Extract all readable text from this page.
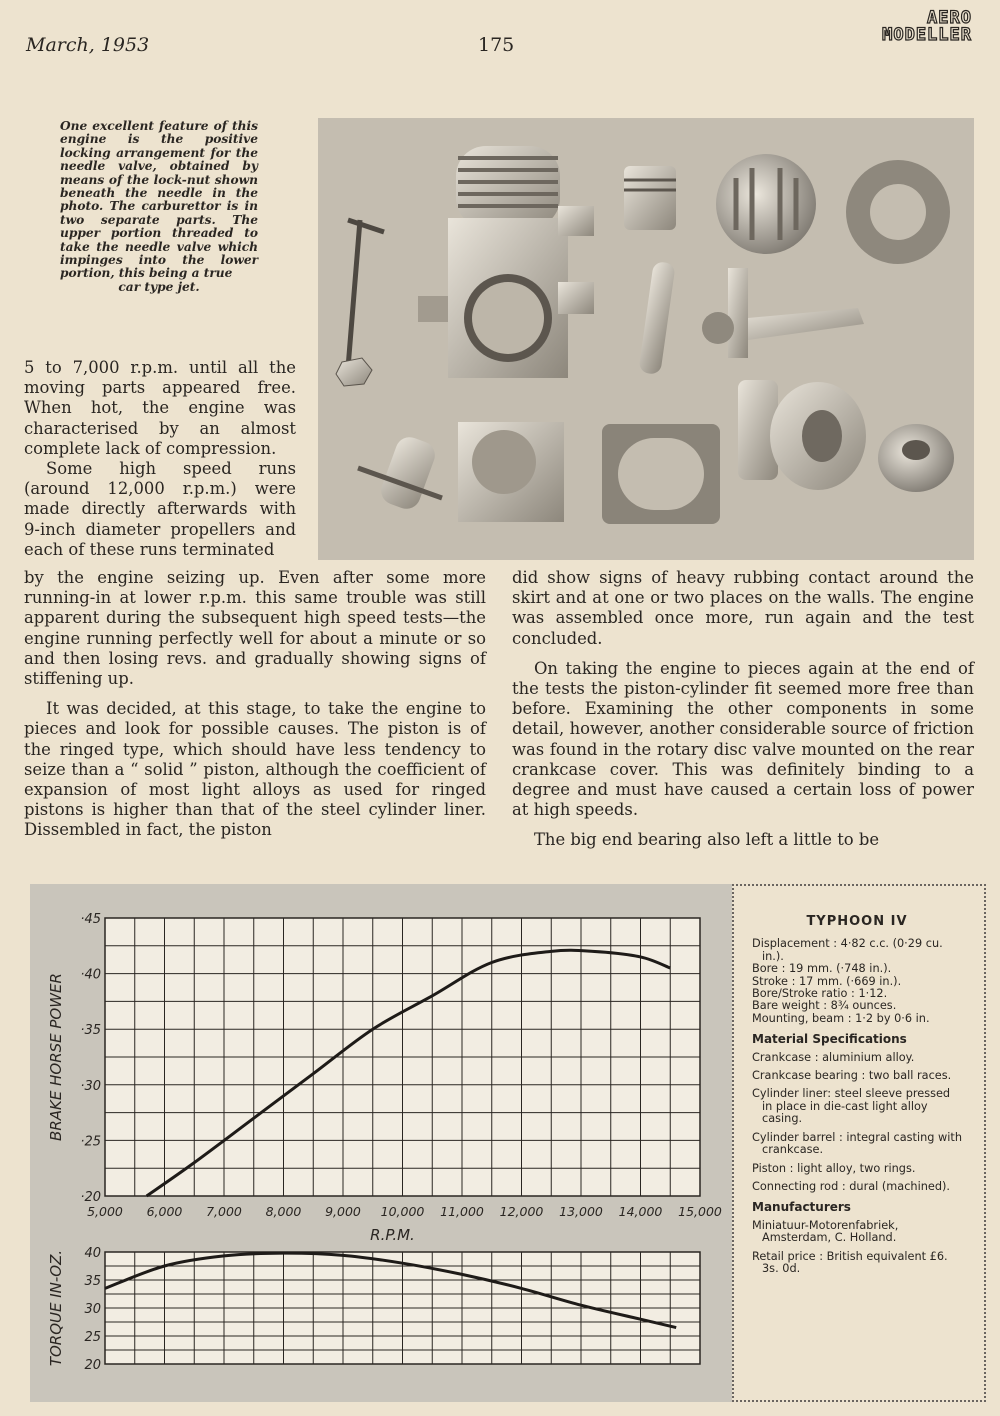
March, 1953	175
AERO
MODELLER
One excellent feature of this engine is the positive locking arrangement for the needle valve, obtained by means of the lock-nut shown beneath the needle in the photo. The carburettor is in two separate parts. The upper portion threaded to take the needle valve which impinges into the lower portion, this being a true
car type jet.

5 to 7,000 r.p.m. until all the moving parts appeared free. When hot, the engine was characterised by an almost complete lack of compression.

Some high speed runs (around 12,000 r.p.m.) were made directly afterwards with 9-inch diameter propellers and each of these runs terminated

by the engine seizing up. Even after some more running-in at lower r.p.m. this same trouble was still apparent during the subsequent high speed tests—the engine running perfectly well for about a minute or so and then losing revs. and gradually showing signs of stiffening up.

It was decided, at this stage, to take the engine to pieces and look for possible causes. The piston is of the ringed type, which should have less tendency to seize than a “ solid ” piston, although the coefficient of expansion of most light alloys as used for ringed pistons is higher than that of the steel cylinder liner. Dissembled in fact, the piston

did show signs of heavy rubbing contact around the skirt and at one or two places on the walls. The engine was assembled once more, run again and the test concluded.

On taking the engine to pieces again at the end of the tests the piston-cylinder fit seemed more free than before. Examining the other components in some detail, however, another considerable source of friction was found in the rotary disc valve mounted on the rear crankcase cover. This was definitely binding to a degree and must have caused a certain loss of power at high speeds.

The big end bearing also left a little to be

·20
·25
·30
·35
·40
·45
5,000 6,000 7,000 8,000 9,000 10,000 11,000 12,000 13,000 14,000 15,000
R.P.M.
BRAKE HORSE POWER
20
25
30
35
40
TORQUE IN-OZ.
TYPHOON IV
Displacement : 4·82 c.c. (0·29 cu. in.).
Bore : 19 mm. (·748 in.).
Stroke : 17 mm. (·669 in.).
Bore/Stroke ratio : 1·12.
Bare weight : 8¾ ounces.
Mounting, beam : 1·2 by 0·6 in.
Material Specifications
Crankcase : aluminium alloy.
Crankcase bearing : two ball races.
Cylinder liner: steel sleeve pressed in place in die-cast light alloy casing.
Cylinder barrel : integral casting with crankcase.
Piston : light alloy, two rings.
Connecting rod : dural (machined).
Manufacturers
Miniatuur-Motorenfabriek, Amsterdam, C. Holland.
Retail price : British equivalent £6. 3s. 0d.
